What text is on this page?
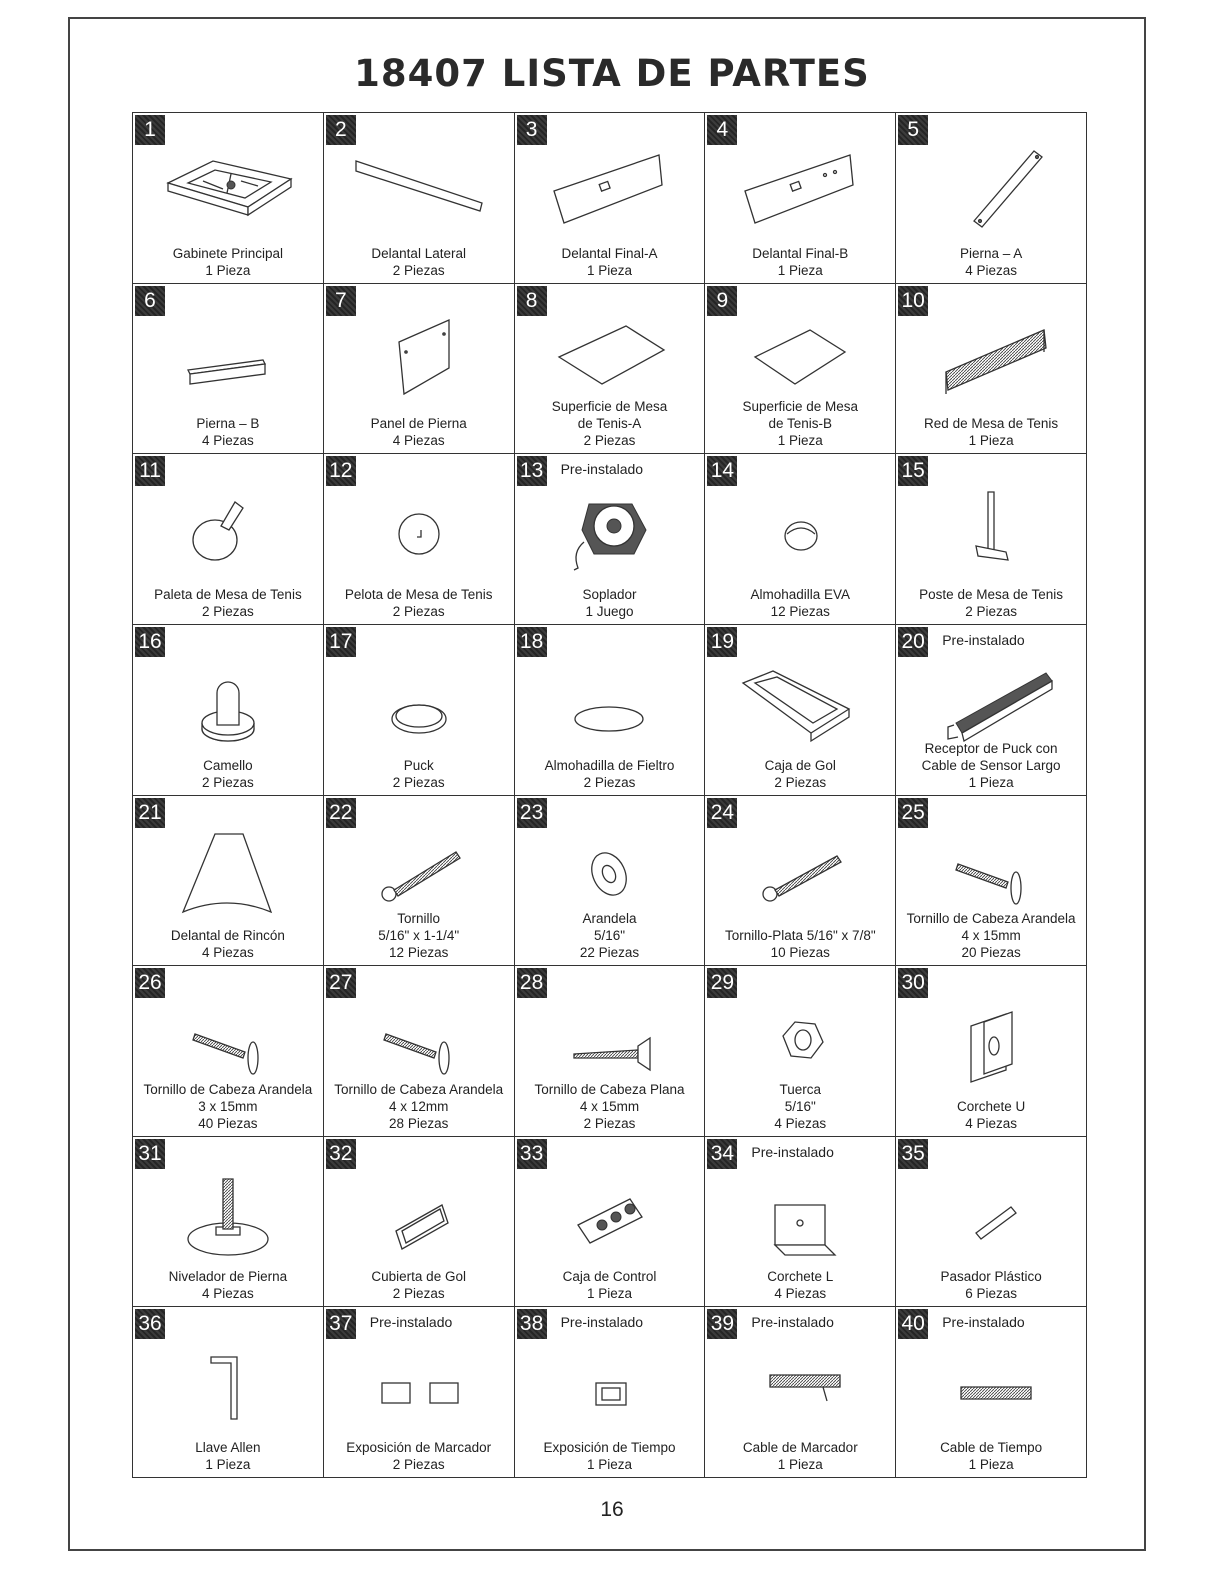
18407 LISTA DE PARTES
1
Gabinete Principal
1 Pieza
2
Delantal Lateral
2 Piezas
3
Delantal Final-A
1 Pieza
4
Delantal Final-B
1 Pieza
5
Pierna – A
4 Piezas
6
Pierna – B
4 Piezas
7
Panel de Pierna
4 Piezas
8
Superficie de Mesa
de Tenis-A
2 Piezas
9
Superficie de Mesa
de Tenis-B
1 Pieza
10
Red de Mesa de Tenis
1 Pieza
11
Paleta de Mesa de Tenis
2 Piezas
12
Pelota de Mesa de Tenis
2 Piezas
13 Pre-instalado
Soplador
1 Juego
14
Almohadilla EVA
12 Piezas
15
Poste de Mesa de Tenis
2 Piezas
16
Camello
2 Piezas
17
Puck
2 Piezas
18
Almohadilla de Fieltro
2 Piezas
19
Caja de Gol
2 Piezas
20 Pre-instalado
Receptor de Puck con
Cable de Sensor Largo
1 Pieza
21
Delantal de Rincón
4 Piezas
22
Tornillo
5/16" x 1-1/4"
12 Piezas
23
Arandela
5/16"
22 Piezas
24
Tornillo-Plata 5/16" x 7/8"
10 Piezas
25
Tornillo de Cabeza Arandela
4 x 15mm
20 Piezas
26
Tornillo de Cabeza Arandela
3 x 15mm
40 Piezas
27
Tornillo de Cabeza Arandela
4 x 12mm
28 Piezas
28
Tornillo de Cabeza Plana
4 x 15mm
2 Piezas
29
Tuerca
5/16"
4 Piezas
30
Corchete U
4 Piezas
31
Nivelador de Pierna
4 Piezas
32
Cubierta de Gol
2 Piezas
33
Caja de Control
1 Pieza
34 Pre-instalado
Corchete L
4 Piezas
35
Pasador Plástico
6 Piezas
36
Llave Allen
1 Pieza
37 Pre-instalado
Exposición de Marcador
2 Piezas
38 Pre-instalado
Exposición de Tiempo
1 Pieza
39 Pre-instalado
Cable de Marcador
1 Pieza
40 Pre-instalado
Cable de Tiempo
1 Pieza
16
